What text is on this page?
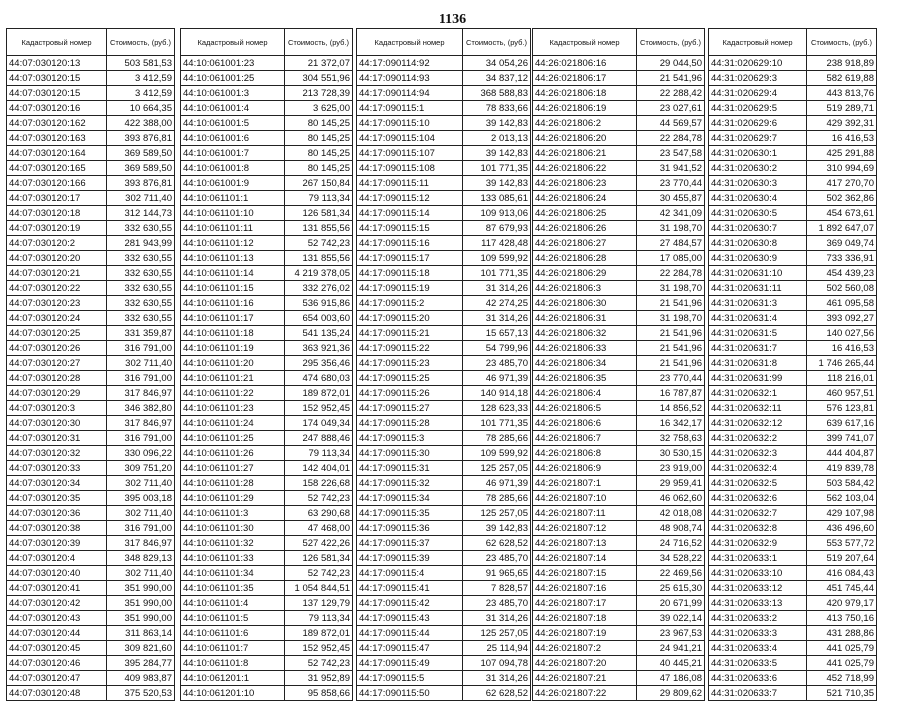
1136
Кадастровый номер	Стоимость, (руб.)
44:07:030120:13	503 581,53
44:07:030120:15	3 412,59
44:07:030120:15	3 412,59
44:07:030120:16	10 664,35
44:07:030120:162	422 388,00
44:07:030120:163	393 876,81
44:07:030120:164	369 589,50
44:07:030120:165	369 589,50
44:07:030120:166	393 876,81
44:07:030120:17	302 711,40
44:07:030120:18	312 144,73
44:07:030120:19	332 630,55
44:07:030120:2	281 943,99
44:07:030120:20	332 630,55
44:07:030120:21	332 630,55
44:07:030120:22	332 630,55
44:07:030120:23	332 630,55
44:07:030120:24	332 630,55
44:07:030120:25	331 359,87
44:07:030120:26	316 791,00
44:07:030120:27	302 711,40
44:07:030120:28	316 791,00
44:07:030120:29	317 846,97
44:07:030120:3	346 382,80
44:07:030120:30	317 846,97
44:07:030120:31	316 791,00
44:07:030120:32	330 096,22
44:07:030120:33	309 751,20
44:07:030120:34	302 711,40
44:07:030120:35	395 003,18
44:07:030120:36	302 711,40
44:07:030120:38	316 791,00
44:07:030120:39	317 846,97
44:07:030120:4	348 829,13
44:07:030120:40	302 711,40
44:07:030120:41	351 990,00
44:07:030120:42	351 990,00
44:07:030120:43	351 990,00
44:07:030120:44	311 863,14
44:07:030120:45	309 821,60
44:07:030120:46	395 284,77
44:07:030120:47	409 983,87
44:07:030120:48	375 520,53
Кадастровый номер	Стоимость, (руб.)
44:10:061001:23	21 372,07
44:10:061001:25	304 551,96
44:10:061001:3	213 728,39
44:10:061001:4	3 625,00
44:10:061001:5	80 145,25
44:10:061001:6	80 145,25
44:10:061001:7	80 145,25
44:10:061001:8	80 145,25
44:10:061001:9	267 150,84
44:10:061101:1	79 113,34
44:10:061101:10	126 581,34
44:10:061101:11	131 855,56
44:10:061101:12	52 742,23
44:10:061101:13	131 855,56
44:10:061101:14	4 219 378,05
44:10:061101:15	332 276,02
44:10:061101:16	536 915,86
44:10:061101:17	654 003,60
44:10:061101:18	541 135,24
44:10:061101:19	363 921,36
44:10:061101:20	295 356,46
44:10:061101:21	474 680,03
44:10:061101:22	189 872,01
44:10:061101:23	152 952,45
44:10:061101:24	174 049,34
44:10:061101:25	247 888,46
44:10:061101:26	79 113,34
44:10:061101:27	142 404,01
44:10:061101:28	158 226,68
44:10:061101:29	52 742,23
44:10:061101:3	63 290,68
44:10:061101:30	47 468,00
44:10:061101:32	527 422,26
44:10:061101:33	126 581,34
44:10:061101:34	52 742,23
44:10:061101:35	1 054 844,51
44:10:061101:4	137 129,79
44:10:061101:5	79 113,34
44:10:061101:6	189 872,01
44:10:061101:7	152 952,45
44:10:061101:8	52 742,23
44:10:061201:1	31 952,89
44:10:061201:10	95 858,66
Кадастровый номер	Стоимость, (руб.)
44:17:090114:92	34 054,26
44:17:090114:93	34 837,12
44:17:090114:94	368 588,83
44:17:090115:1	78 833,66
44:17:090115:10	39 142,83
44:17:090115:104	2 013,13
44:17:090115:107	39 142,83
44:17:090115:108	101 771,35
44:17:090115:11	39 142,83
44:17:090115:12	133 085,61
44:17:090115:14	109 913,06
44:17:090115:15	87 679,93
44:17:090115:16	117 428,48
44:17:090115:17	109 599,92
44:17:090115:18	101 771,35
44:17:090115:19	31 314,26
44:17:090115:2	42 274,25
44:17:090115:20	31 314,26
44:17:090115:21	15 657,13
44:17:090115:22	54 799,96
44:17:090115:23	23 485,70
44:17:090115:25	46 971,39
44:17:090115:26	140 914,18
44:17:090115:27	128 623,33
44:17:090115:28	101 771,35
44:17:090115:3	78 285,66
44:17:090115:30	109 599,92
44:17:090115:31	125 257,05
44:17:090115:32	46 971,39
44:17:090115:34	78 285,66
44:17:090115:35	125 257,05
44:17:090115:36	39 142,83
44:17:090115:37	62 628,52
44:17:090115:39	23 485,70
44:17:090115:4	91 965,65
44:17:090115:41	7 828,57
44:17:090115:42	23 485,70
44:17:090115:43	31 314,26
44:17:090115:44	125 257,05
44:17:090115:47	25 114,94
44:17:090115:49	107 094,78
44:17:090115:5	31 314,26
44:17:090115:50	62 628,52
Кадастровый номер	Стоимость, (руб.)
44:26:021806:16	29 044,50
44:26:021806:17	21 541,96
44:26:021806:18	22 288,42
44:26:021806:19	23 027,61
44:26:021806:2	44 569,57
44:26:021806:20	22 284,78
44:26:021806:21	23 547,58
44:26:021806:22	31 941,52
44:26:021806:23	23 770,44
44:26:021806:24	30 455,87
44:26:021806:25	42 341,09
44:26:021806:26	31 198,70
44:26:021806:27	27 484,57
44:26:021806:28	17 085,00
44:26:021806:29	22 284,78
44:26:021806:3	31 198,70
44:26:021806:30	21 541,96
44:26:021806:31	31 198,70
44:26:021806:32	21 541,96
44:26:021806:33	21 541,96
44:26:021806:34	21 541,96
44:26:021806:35	23 770,44
44:26:021806:4	16 787,87
44:26:021806:5	14 856,52
44:26:021806:6	16 342,17
44:26:021806:7	32 758,63
44:26:021806:8	30 530,15
44:26:021806:9	23 919,00
44:26:021807:1	29 959,41
44:26:021807:10	46 062,60
44:26:021807:11	42 018,08
44:26:021807:12	48 908,74
44:26:021807:13	24 716,52
44:26:021807:14	34 528,22
44:26:021807:15	22 469,56
44:26:021807:16	25 615,30
44:26:021807:17	20 671,99
44:26:021807:18	39 022,14
44:26:021807:19	23 967,53
44:26:021807:2	24 941,21
44:26:021807:20	40 445,21
44:26:021807:21	47 186,08
44:26:021807:22	29 809,62
Кадастровый номер	Стоимость, (руб.)
44:31:020629:10	238 918,89
44:31:020629:3	582 619,88
44:31:020629:4	443 813,76
44:31:020629:5	519 289,71
44:31:020629:6	429 392,31
44:31:020629:7	16 416,53
44:31:020630:1	425 291,88
44:31:020630:2	310 994,69
44:31:020630:3	417 270,70
44:31:020630:4	502 362,86
44:31:020630:5	454 673,61
44:31:020630:7	1 892 647,07
44:31:020630:8	369 049,74
44:31:020630:9	733 336,91
44:31:020631:10	454 439,23
44:31:020631:11	502 560,08
44:31:020631:3	461 095,58
44:31:020631:4	393 092,27
44:31:020631:5	140 027,56
44:31:020631:7	16 416,53
44:31:020631:8	1 746 265,44
44:31:020631:99	118 216,01
44:31:020632:1	460 957,51
44:31:020632:11	576 123,81
44:31:020632:12	639 617,16
44:31:020632:2	399 741,07
44:31:020632:3	444 404,87
44:31:020632:4	419 839,78
44:31:020632:5	503 584,42
44:31:020632:6	562 103,04
44:31:020632:7	429 107,98
44:31:020632:8	436 496,60
44:31:020632:9	553 577,72
44:31:020633:1	519 207,64
44:31:020633:10	416 084,43
44:31:020633:12	451 745,44
44:31:020633:13	420 979,17
44:31:020633:2	413 750,16
44:31:020633:3	431 288,86
44:31:020633:4	441 025,79
44:31:020633:5	441 025,79
44:31:020633:6	452 718,99
44:31:020633:7	521 710,35
